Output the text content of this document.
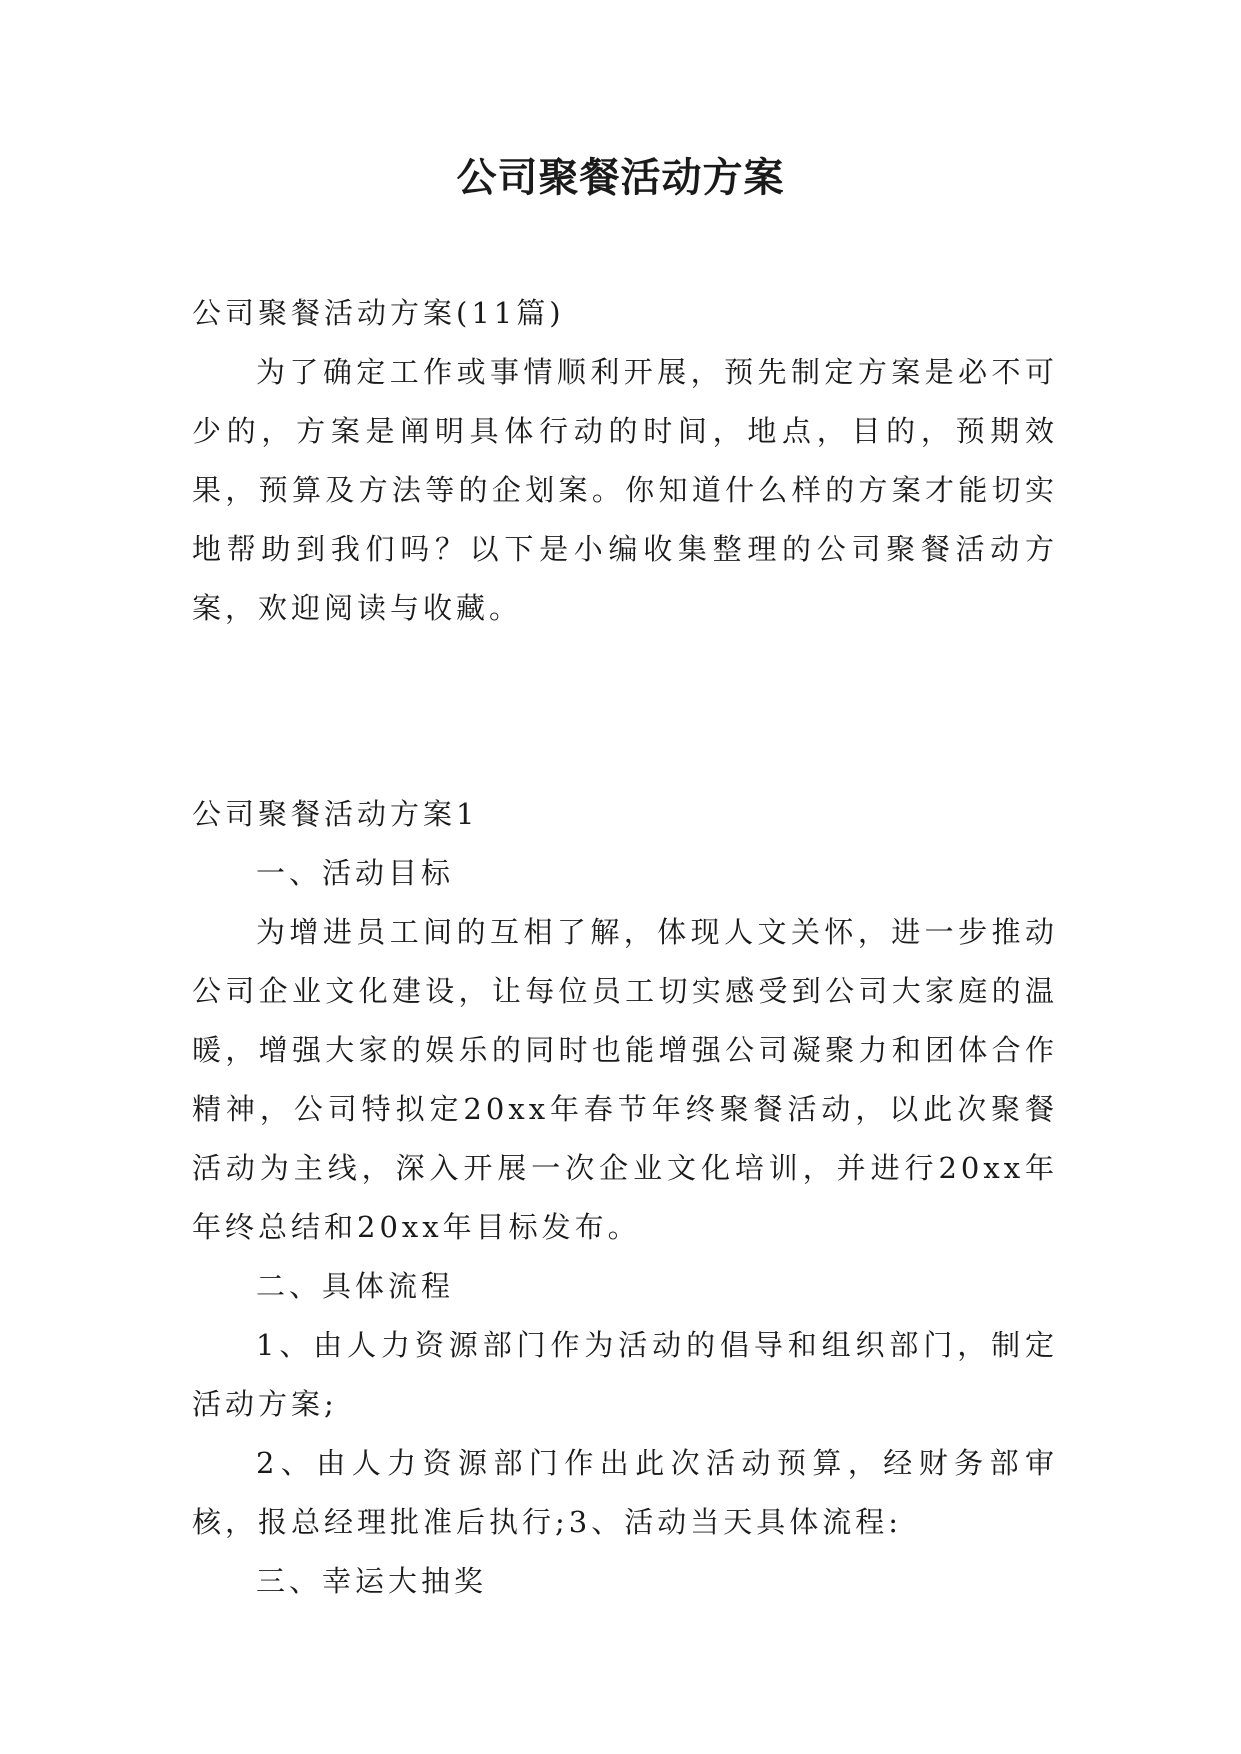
公司聚餐活动方案

公司聚餐活动方案(11篇)

为了确定工作或事情顺利开展，预先制定方案是必不可少的，方案是阐明具体行动的时间，地点，目的，预期效果，预算及方法等的企划案。你知道什么样的方案才能切实地帮助到我们吗？以下是小编收集整理的公司聚餐活动方案，欢迎阅读与收藏。

公司聚餐活动方案1

一、活动目标

为增进员工间的互相了解，体现人文关怀，进一步推动公司企业文化建设，让每位员工切实感受到公司大家庭的温暖，增强大家的娱乐的同时也能增强公司凝聚力和团体合作精神，公司特拟定20xx年春节年终聚餐活动，以此次聚餐活动为主线，深入开展一次企业文化培训，并进行20xx年年终总结和20xx年目标发布。

二、具体流程

1、由人力资源部门作为活动的倡导和组织部门，制定活动方案;

2、由人力资源部门作出此次活动预算，经财务部审核，报总经理批准后执行;3、活动当天具体流程:

三、幸运大抽奖
